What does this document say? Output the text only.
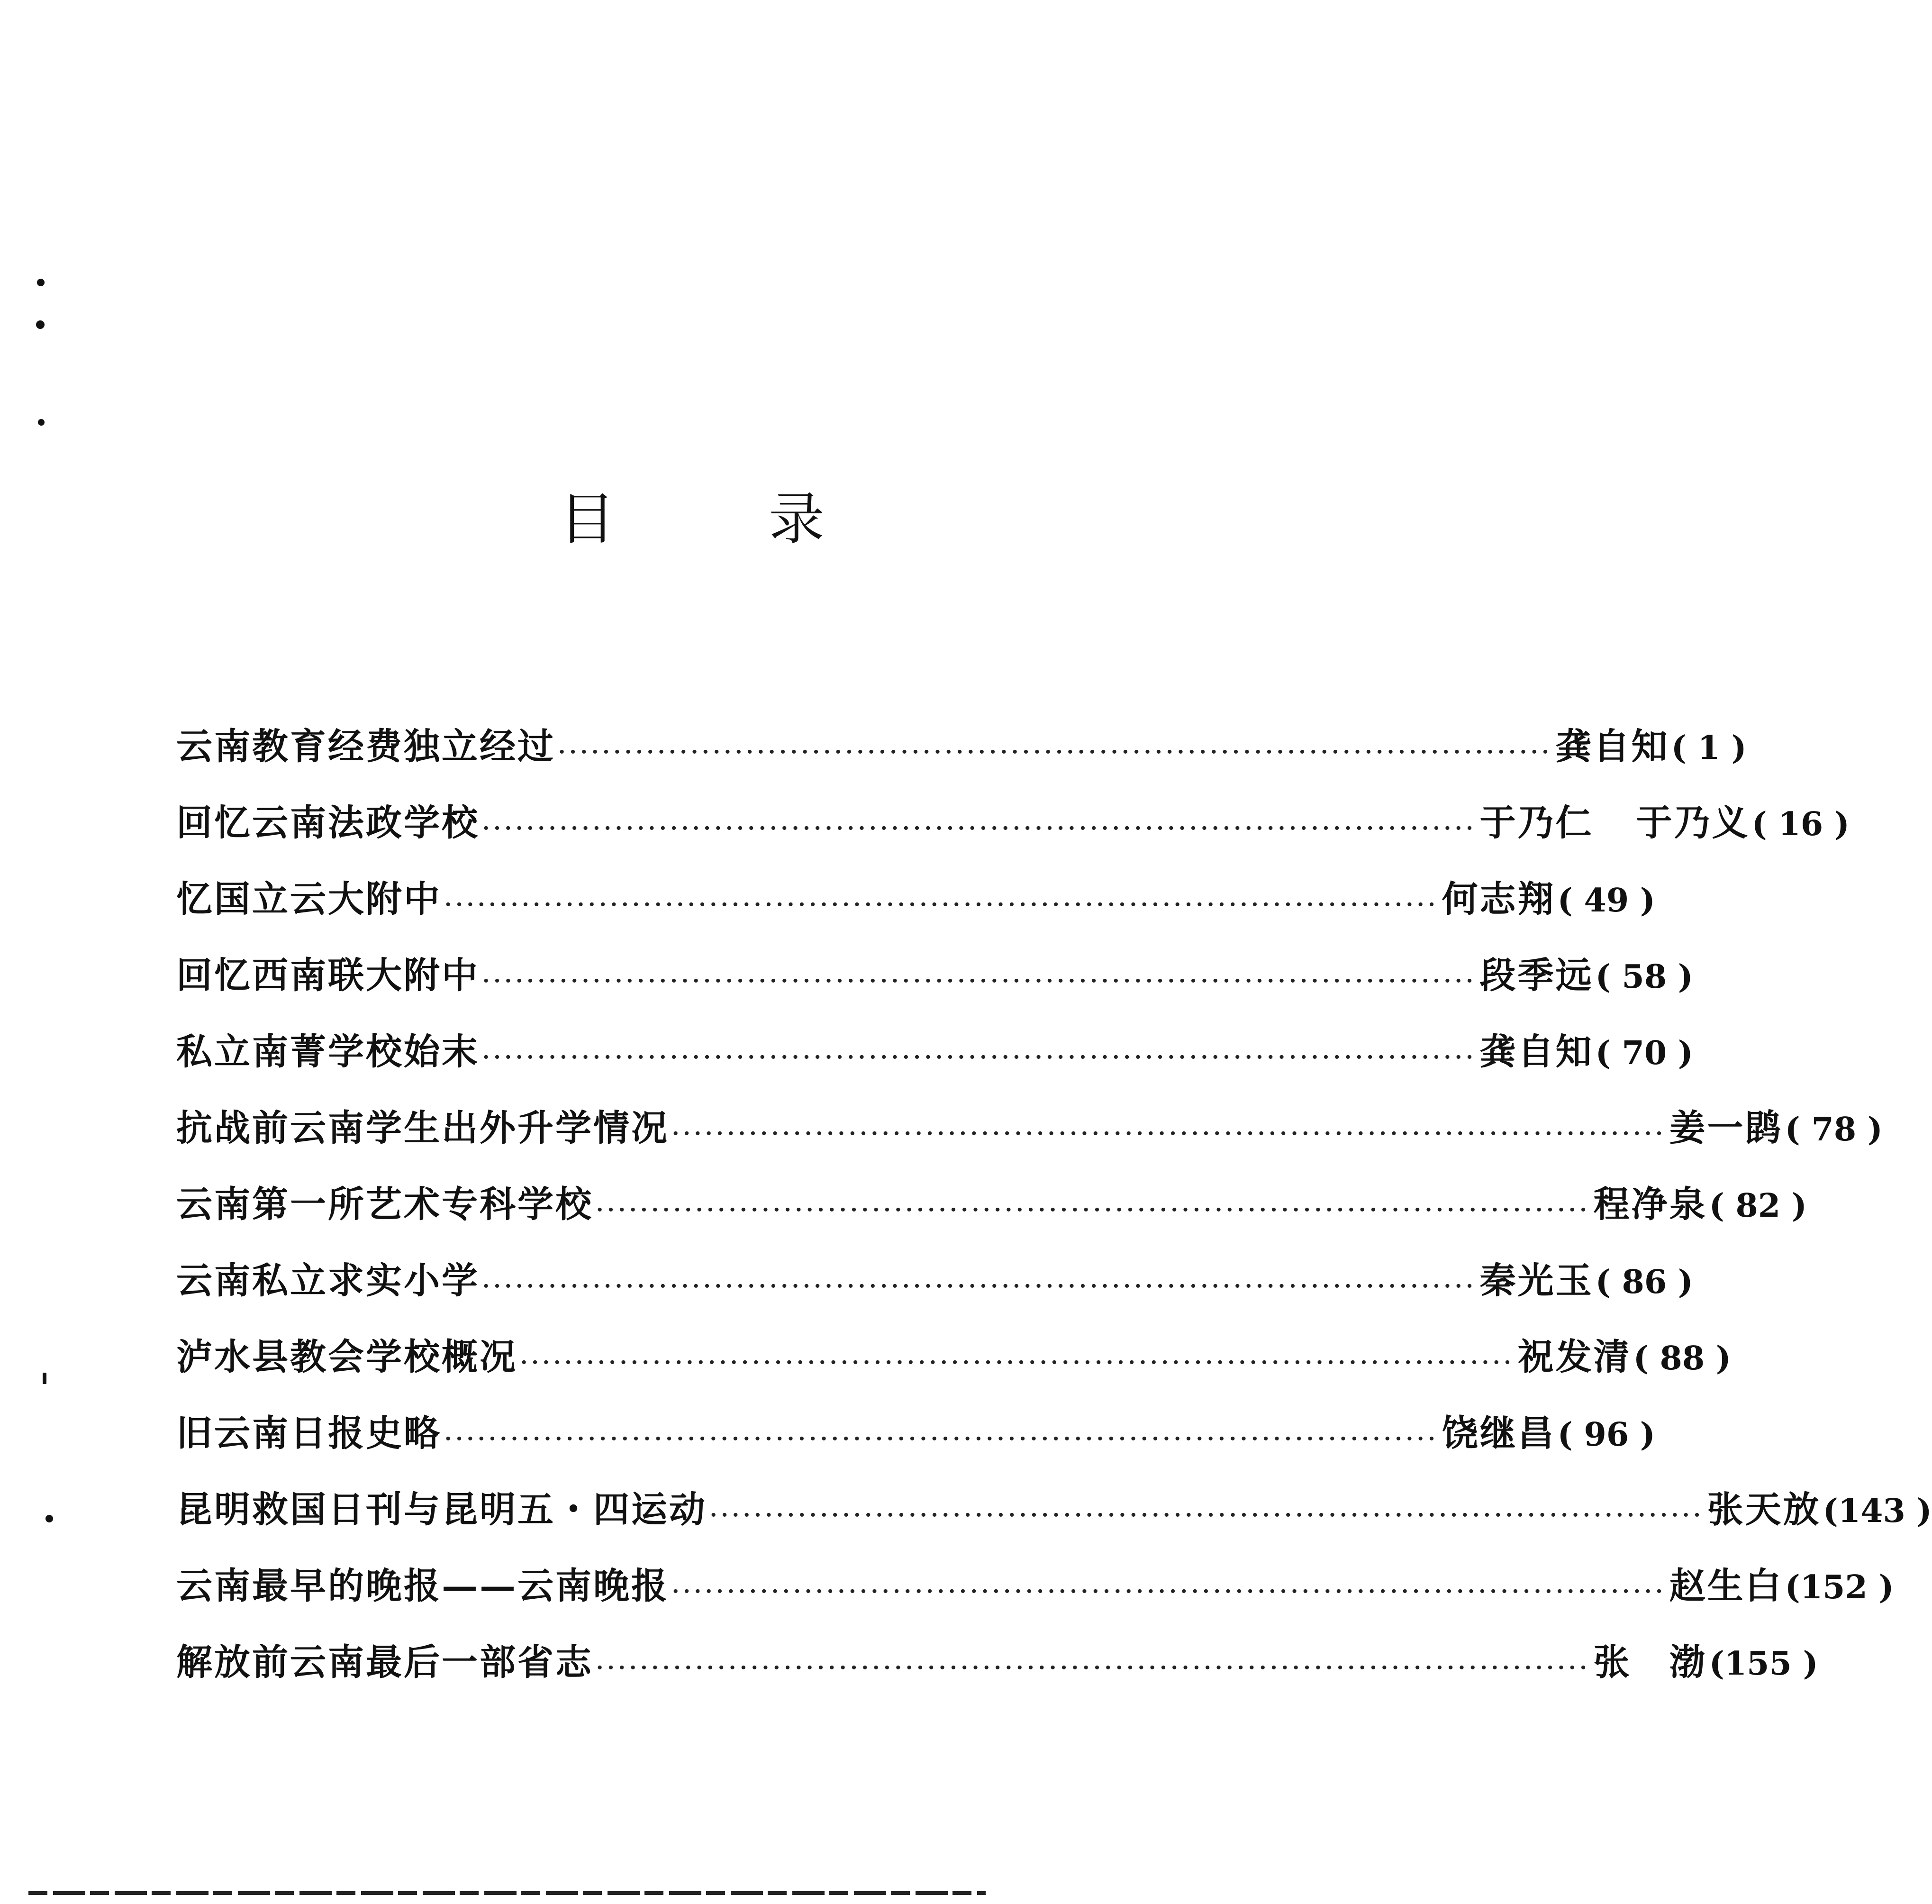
目	录
云南教育经费独立经过 ·························································································· 龚自知 ( 1 )
回忆云南法政学校 ·························································································· 于乃仁 于乃义 ( 16 )
忆国立云大附中 ·························································································· 何志翔 ( 49 )
回忆西南联大附中 ·························································································· 段季远 ( 58 )
私立南菁学校始末 ·························································································· 龚自知 ( 70 )
抗战前云南学生出外升学情况 ·························································································· 姜一鹍 ( 78 )
云南第一所艺术专科学校 ·························································································· 程净泉 ( 82 )
云南私立求实小学 ·························································································· 秦光玉 ( 86 )
泸水县教会学校概况 ·························································································· 祝发清 ( 88 )
旧云南日报史略 ·························································································· 饶继昌 ( 96 )
昆明救国日刊与昆明五・四运动 ·························································································· 张天放 (143 )
云南最早的晚报——云南晚报 ·························································································· 赵生白 (152 )
解放前云南最后一部省志 ·························································································· 张　渤 (155 )
